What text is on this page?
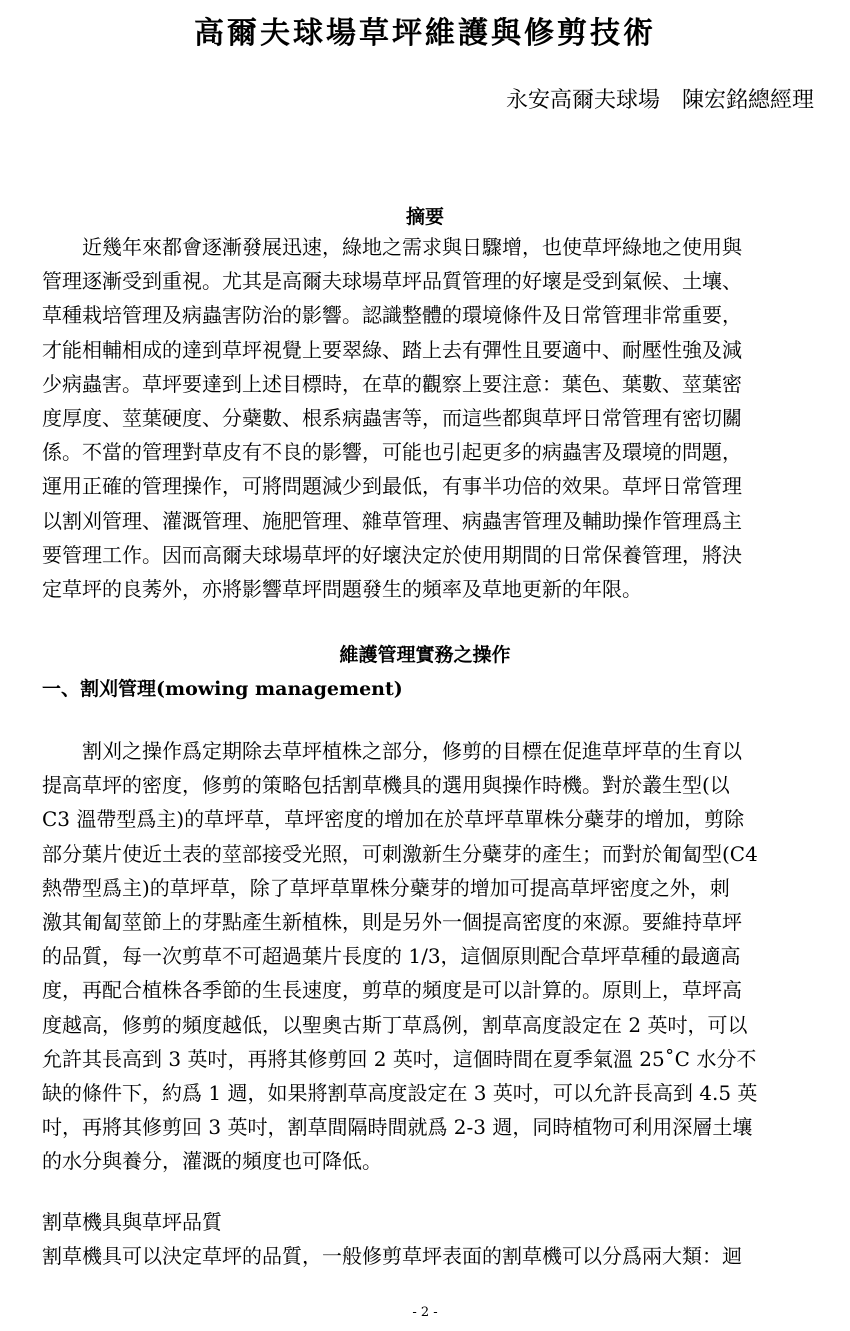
高爾夫球場草坪維護與修剪技術

永安高爾夫球場　陳宏銘總經理

摘要
　　近幾年來都會逐漸發展迅速，綠地之需求與日驟增，也使草坪綠地之使用與
管理逐漸受到重視。尤其是高爾夫球場草坪品質管理的好壞是受到氣候、土壤、
草種栽培管理及病蟲害防治的影響。認識整體的環境條件及日常管理非常重要，
才能相輔相成的達到草坪視覺上要翠綠、踏上去有彈性且要適中、耐壓性強及減
少病蟲害。草坪要達到上述目標時，在草的觀察上要注意：葉色、葉數、莖葉密
度厚度、莖葉硬度、分蘗數、根系病蟲害等，而這些都與草坪日常管理有密切關
係。不當的管理對草皮有不良的影響，可能也引起更多的病蟲害及環境的問題，
運用正確的管理操作，可將問題減少到最低，有事半功倍的效果。草坪日常管理
以割刈管理、灌溉管理、施肥管理、雜草管理、病蟲害管理及輔助操作管理爲主
要管理工作。因而高爾夫球場草坪的好壞決定於使用期間的日常保養管理，將決
定草坪的良莠外，亦將影響草坪問題發生的頻率及草地更新的年限。
維護管理實務之操作
一、割刈管理(mowing management)
　　割刈之操作爲定期除去草坪植株之部分，修剪的目標在促進草坪草的生育以
提高草坪的密度，修剪的策略包括割草機具的選用與操作時機。對於叢生型(以
C3 溫帶型爲主)的草坪草，草坪密度的增加在於草坪草單株分蘗芽的增加，剪除
部分葉片使近土表的莖部接受光照，可刺激新生分蘗芽的產生；而對於匍匐型(C4
熱帶型爲主)的草坪草，除了草坪草單株分蘗芽的增加可提高草坪密度之外，刺
激其匍匐莖節上的芽點產生新植株，則是另外一個提高密度的來源。要維持草坪
的品質，每一次剪草不可超過葉片長度的 1/3，這個原則配合草坪草種的最適高
度，再配合植株各季節的生長速度，剪草的頻度是可以計算的。原則上，草坪高
度越高，修剪的頻度越低，以聖奧古斯丁草爲例，割草高度設定在 2 英吋，可以
允許其長高到 3 英吋，再將其修剪回 2 英吋，這個時間在夏季氣溫 25˚C 水分不
缺的條件下，約爲 1 週，如果將割草高度設定在 3 英吋，可以允許長高到 4.5 英
吋，再將其修剪回 3 英吋，割草間隔時間就爲 2-3 週，同時植物可利用深層土壤
的水分與養分，灌溉的頻度也可降低。

割草機具與草坪品質

割草機具可以決定草坪的品質，一般修剪草坪表面的割草機可以分爲兩大類：迴

- 2 -
